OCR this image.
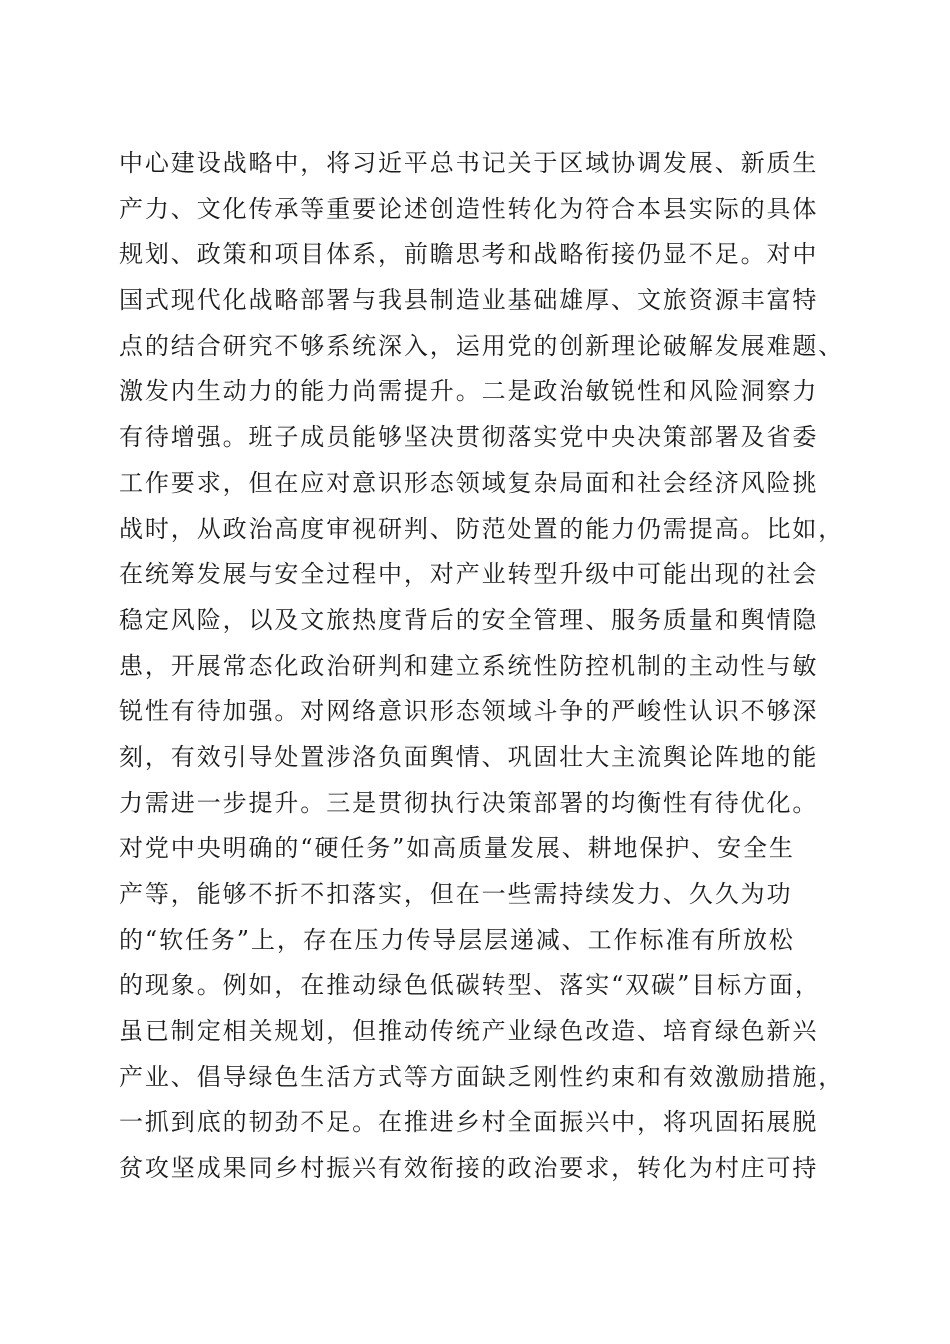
中心建设战略中，将习近平总书记关于区域协调发展、新质生
产力、文化传承等重要论述创造性转化为符合本县实际的具体
规划、政策和项目体系，前瞻思考和战略衔接仍显不足。对中
国式现代化战略部署与我县制造业基础雄厚、文旅资源丰富特
点的结合研究不够系统深入，运用党的创新理论破解发展难题、
激发内生动力的能力尚需提升。二是政治敏锐性和风险洞察力
有待增强。班子成员能够坚决贯彻落实党中央决策部署及省委
工作要求，但在应对意识形态领域复杂局面和社会经济风险挑
战时，从政治高度审视研判、防范处置的能力仍需提高。比如，
在统筹发展与安全过程中，对产业转型升级中可能出现的社会
稳定风险，以及文旅热度背后的安全管理、服务质量和舆情隐
患，开展常态化政治研判和建立系统性防控机制的主动性与敏
锐性有待加强。对网络意识形态领域斗争的严峻性认识不够深
刻，有效引导处置涉洛负面舆情、巩固壮大主流舆论阵地的能
力需进一步提升。三是贯彻执行决策部署的均衡性有待优化。
对党中央明确的“硬任务”如高质量发展、耕地保护、安全生
产等，能够不折不扣落实，但在一些需持续发力、久久为功
的“软任务”上，存在压力传导层层递减、工作标准有所放松
的现象。例如，在推动绿色低碳转型、落实“双碳”目标方面，
虽已制定相关规划，但推动传统产业绿色改造、培育绿色新兴
产业、倡导绿色生活方式等方面缺乏刚性约束和有效激励措施，
一抓到底的韧劲不足。在推进乡村全面振兴中，将巩固拓展脱
贫攻坚成果同乡村振兴有效衔接的政治要求，转化为村庄可持
